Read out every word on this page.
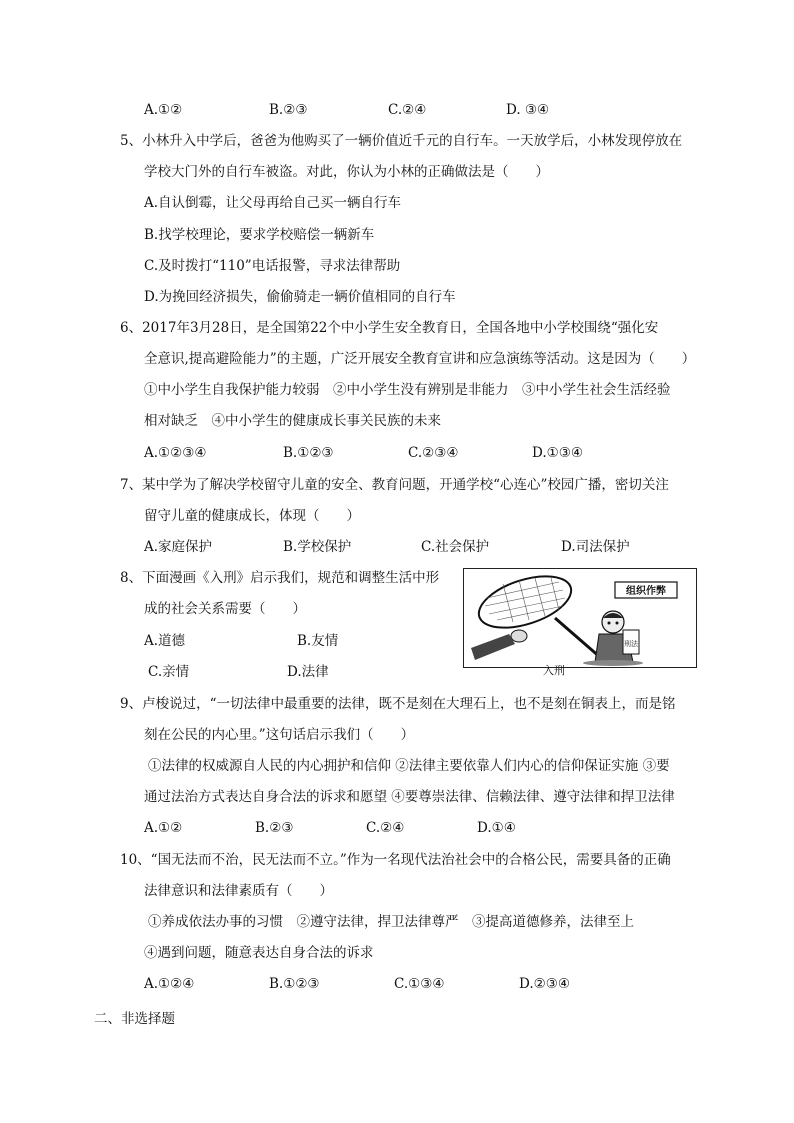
A.①②	B.②③	C.②④	D. ③④
5、小林升入中学后，爸爸为他购买了一辆价值近千元的自行车。一天放学后，小林发现停放在
学校大门外的自行车被盗。对此，你认为小林的正确做法是（　　）
A.自认倒霉，让父母再给自己买一辆自行车
B.找学校理论，要求学校赔偿一辆新车
C.及时拨打“110”电话报警，寻求法律帮助
D.为挽回经济损失，偷偷骑走一辆价值相同的自行车
6、2017年3月28日，是全国第22个中小学生安全教育日，全国各地中小学校围绕“强化安
全意识,提高避险能力”的主题，广泛开展安全教育宣讲和应急演练等活动。这是因为（　　）
①中小学生自我保护能力较弱　②中小学生没有辨别是非能力　③中小学生社会生活经验
相对缺乏　④中小学生的健康成长事关民族的未来
A.①②③④	B.①②③	C.②③④	D.①③④
7、某中学为了解决学校留守儿童的安全、教育问题，开通学校“心连心”校园广播，密切关注
留守儿童的健康成长，体现（　　）
A.家庭保护	B.学校保护	C.社会保护	D.司法保护
8、下面漫画《入刑》启示我们，规范和调整生活中形
成的社会关系需要（　　）
A.道德	B.友情
C.亲情	D.法律
组织作弊
刑法
入刑
9、卢梭说过，“一切法律中最重要的法律，既不是刻在大理石上，也不是刻在铜表上，而是铭
刻在公民的内心里。”这句话启示我们（　　）
①法律的权威源自人民的内心拥护和信仰 ②法律主要依靠人们内心的信仰保证实施 ③要
通过法治方式表达自身合法的诉求和愿望 ④要尊崇法律、信赖法律、遵守法律和捍卫法律
A.①②	B.②③	C.②④	D.①④
10、“国无法而不治，民无法而不立。”作为一名现代法治社会中的合格公民，需要具备的正确
法律意识和法律素质有（　　）
①养成依法办事的习惯　②遵守法律，捍卫法律尊严　③提高道德修养，法律至上
④遇到问题，随意表达自身合法的诉求
A.①②④	B.①②③	C.①③④	D.②③④
二、非选择题
